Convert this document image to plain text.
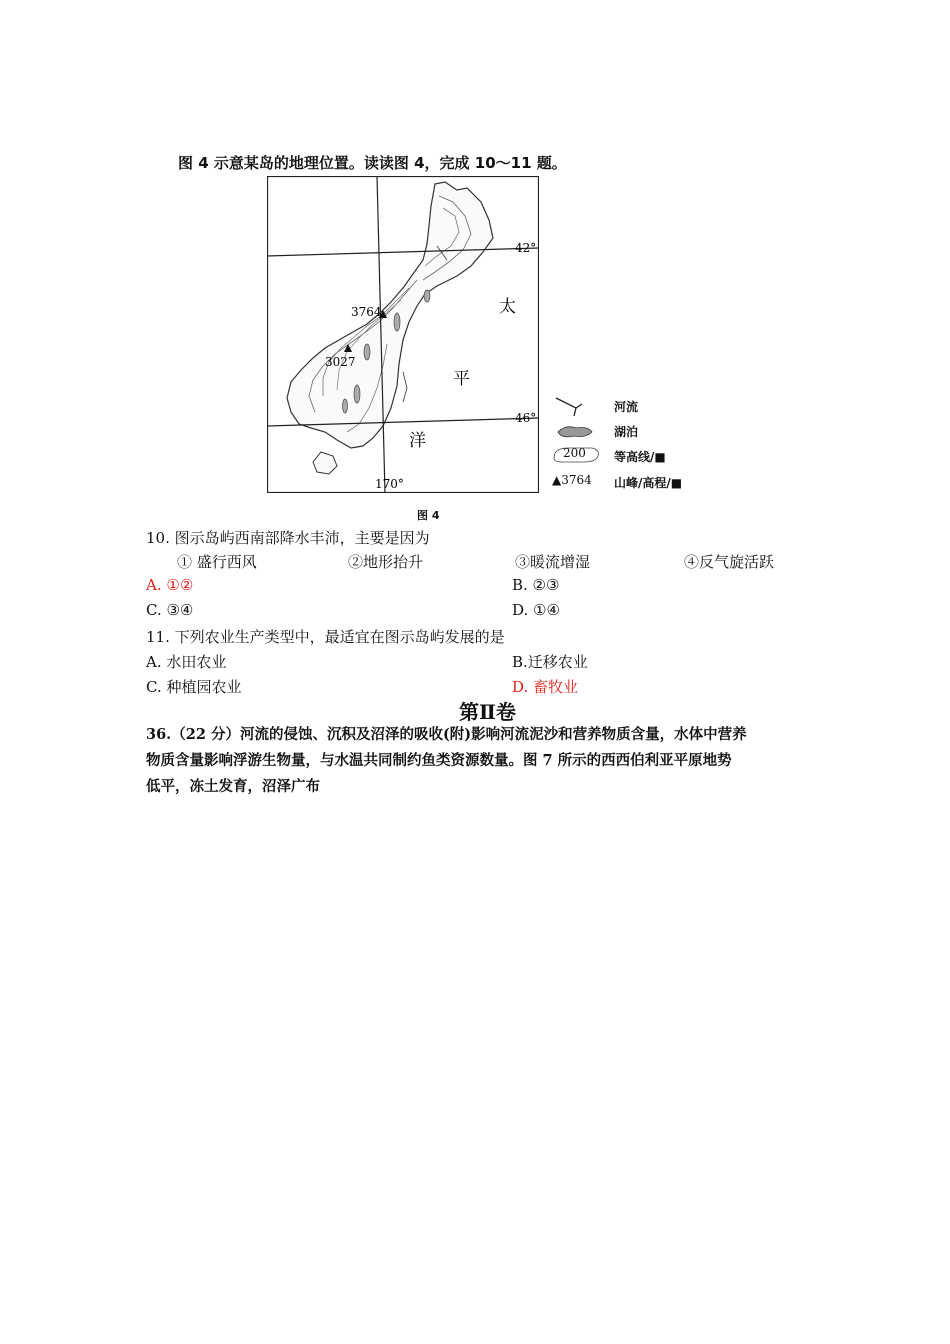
图 4 示意某岛的地理位置。读读图 4，完成 10～11 题。
42°
46°
170°
3764
3027
太
平
洋
200
▲3764
河流
湖泊
等高线/■
山峰/高程/■
图 4
10. 图示岛屿西南部降水丰沛，主要是因为
① 盛行西风	②地形抬升	③暖流增湿	④反气旋活跃
A. ①②	B. ②③
C. ③④	D. ①④
11. 下列农业生产类型中，最适宜在图示岛屿发展的是
A. 水田农业	B.迁移农业
C. 种植园农业	D. 畜牧业
第Ⅱ卷
36.（22 分）河流的侵蚀、沉积及沼泽的吸收(附)影响河流泥沙和营养物质含量，水体中营养
物质含量影响浮游生物量，与水温共同制约鱼类资源数量。图 7 所示的西西伯利亚平原地势
低平，冻土发育，沼泽广布
